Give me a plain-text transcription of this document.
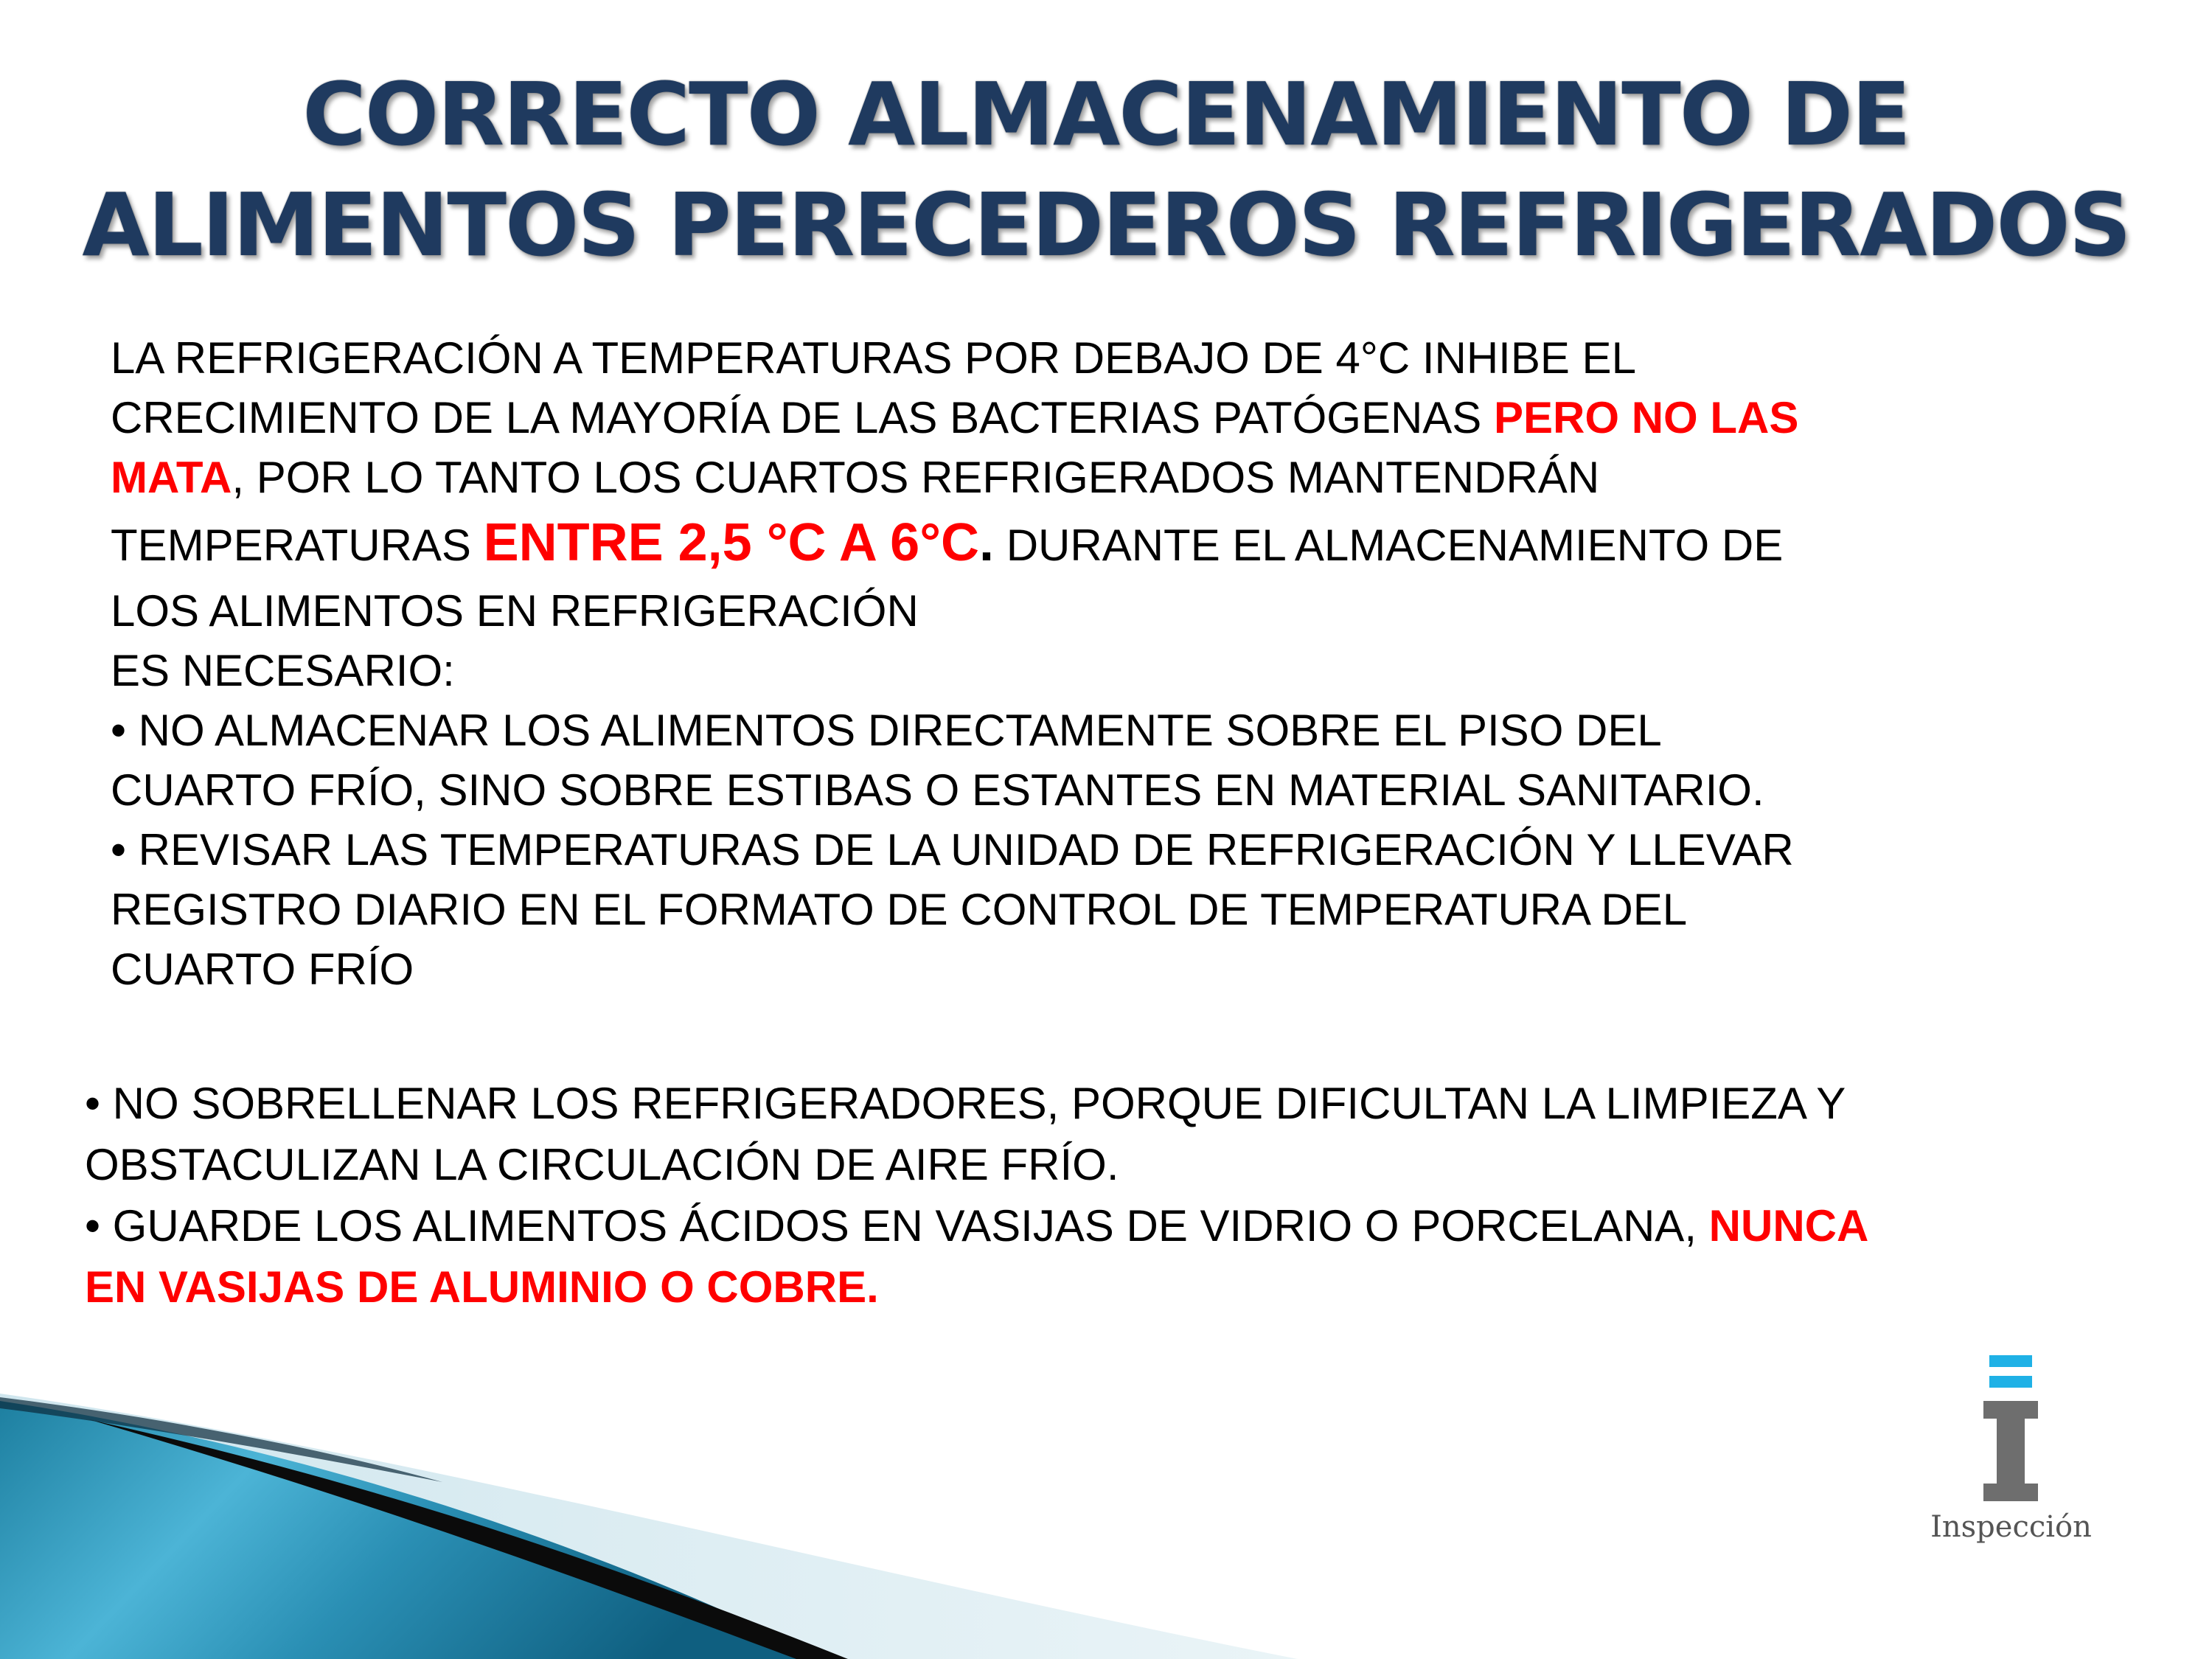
CORRECTO ALMACENAMIENTO DE
ALIMENTOS PERECEDEROS REFRIGERADOS
LA REFRIGERACIÓN A TEMPERATURAS POR DEBAJO DE 4°C INHIBE EL
CRECIMIENTO DE LA MAYORÍA DE LAS BACTERIAS PATÓGENAS PERO NO LAS
MATA, POR LO TANTO LOS CUARTOS REFRIGERADOS MANTENDRÁN
TEMPERATURAS ENTRE 2,5 °C A 6°C. DURANTE EL ALMACENAMIENTO DE
LOS ALIMENTOS EN REFRIGERACIÓN
ES NECESARIO:
• NO ALMACENAR LOS ALIMENTOS DIRECTAMENTE SOBRE EL PISO DEL
CUARTO FRÍO, SINO SOBRE ESTIBAS O ESTANTES EN MATERIAL SANITARIO.
• REVISAR LAS TEMPERATURAS DE LA UNIDAD DE REFRIGERACIÓN Y LLEVAR
REGISTRO DIARIO EN EL FORMATO DE CONTROL DE TEMPERATURA DEL
CUARTO FRÍO
• NO SOBRELLENAR LOS REFRIGERADORES, PORQUE DIFICULTAN LA LIMPIEZA Y
OBSTACULIZAN LA CIRCULACIÓN DE AIRE FRÍO.
• GUARDE LOS ALIMENTOS ÁCIDOS EN VASIJAS DE VIDRIO O PORCELANA, NUNCA
EN VASIJAS DE ALUMINIO O COBRE.
Inspección
